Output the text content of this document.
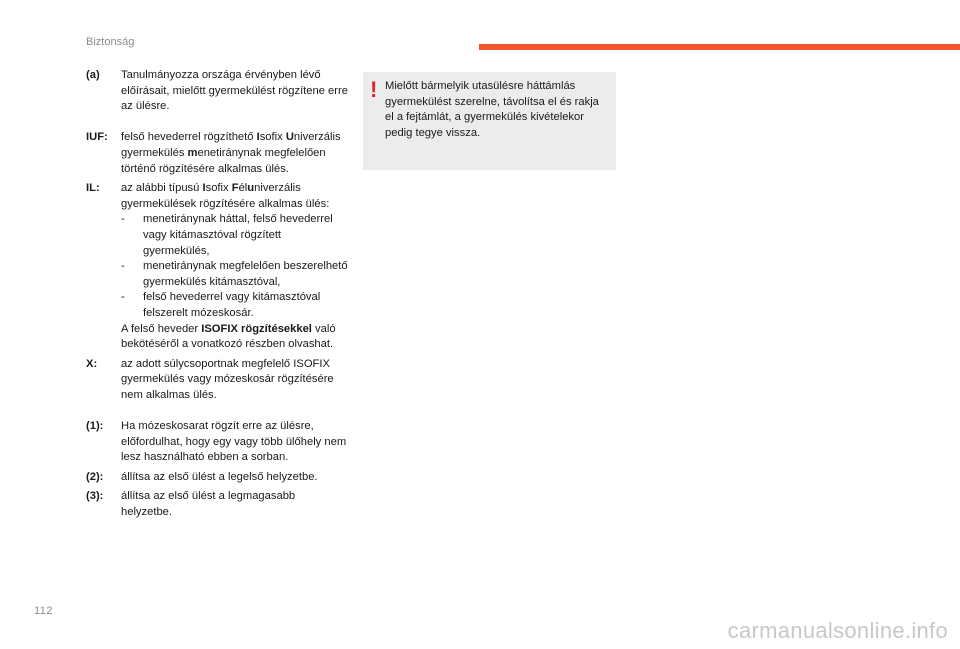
Biztonság
(a) Tanulmányozza országa érvényben lévő előírásait, mielőtt gyermekülést rögzítene erre az ülésre.
IUF: felső hevederrel rögzíthető Isofix Univerzális gyermekülés menetiránynak megfelelően történő rögzítésére alkalmas ülés.
IL: az alábbi típusú Isofix Féluniverzális gyermekülések rögzítésére alkalmas ülés:
- menetiránynak háttal, felső hevederrel vagy kitámasztóval rögzített gyermekülés,
- menetiránynak megfelelően beszerelhető gyermekülés kitámasztóval,
- felső hevederrel vagy kitámasztóval felszerelt mózeskosár.
A felső heveder ISOFIX rögzítésekkel való bekötéséről a vonatkozó részben olvashat.
X: az adott súlycsoportnak megfelelő ISOFIX gyermekülés vagy mózeskosár rögzítésére nem alkalmas ülés.
(1): Ha mózeskosarat rögzít erre az ülésre, előfordulhat, hogy egy vagy több ülőhely nem lesz használható ebben a sorban.
(2): állítsa az első ülést a legelső helyzetbe.
(3): állítsa az első ülést a legmagasabb helyzetbe.
! Mielőtt bármelyik utasülésre háttámlás gyermekülést szerelne, távolítsa el és rakja el a fejtámlát, a gyermekülés kivételekor pedig tegye vissza.
112
carmanualsonline.info
